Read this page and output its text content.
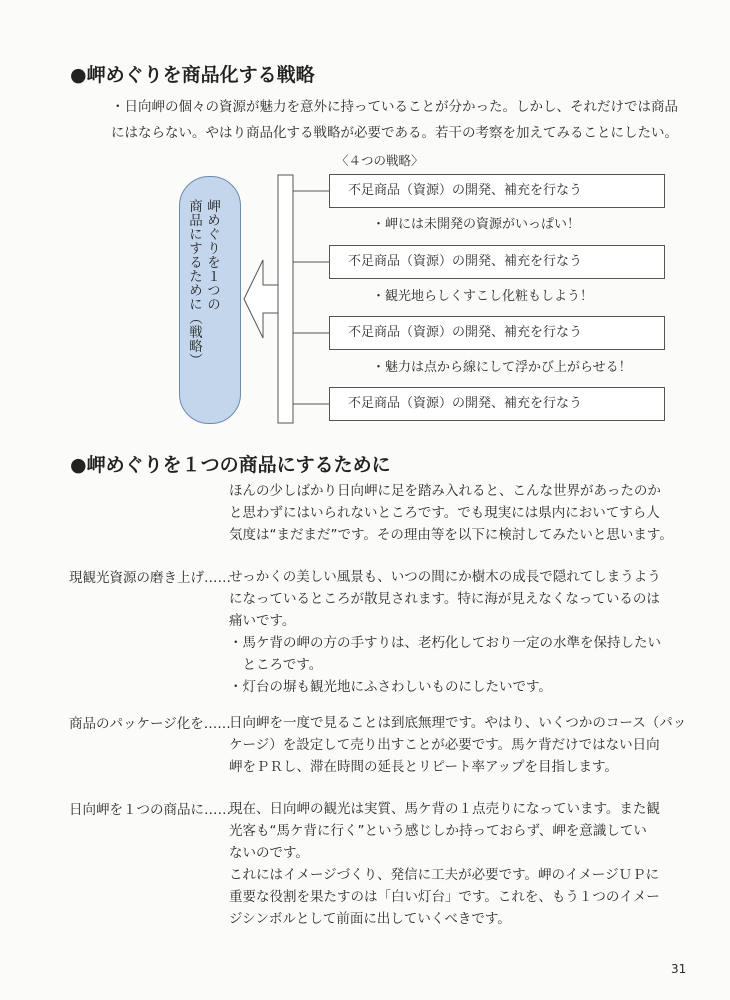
●岬めぐりを商品化する戦略
・日向岬の個々の資源が魅力を意外に持っていることが分かった。しかし、それだけでは商品
にはならない。やはり商品化する戦略が必要である。若干の考察を加えてみることにしたい。
〈４つの戦略〉
岬めぐりを１つの
商品にするために（戦略）
不足商品（資源）の開発、補充を行なう
・岬には未開発の資源がいっぱい！
不足商品（資源）の開発、補充を行なう
・観光地らしくすこし化粧もしよう！
不足商品（資源）の開発、補充を行なう
・魅力は点から線にして浮かび上がらせる！
不足商品（資源）の開発、補充を行なう
●岬めぐりを１つの商品にするために
ほんの少しばかり日向岬に足を踏み入れると、こんな世界があったのか
と思わずにはいられないところです。でも現実には県内においてすら人
気度は“まだまだ”です。その理由等を以下に検討してみたいと思います。
現観光資源の磨き上げ……
せっかくの美しい風景も、いつの間にか樹木の成長で隠れてしまうよう
になっているところが散見されます。特に海が見えなくなっているのは
痛いです。
・馬ケ背の岬の方の手すりは、老朽化しており一定の水準を保持したい
　ところです。
・灯台の塀も観光地にふさわしいものにしたいです。
商品のパッケージ化を……
日向岬を一度で見ることは到底無理です。やはり、いくつかのコース（パッ
ケージ）を設定して売り出すことが必要です。馬ケ背だけではない日向
岬をＰＲし、滞在時間の延長とリピート率アップを目指します。
日向岬を１つの商品に……
現在、日向岬の観光は実質、馬ケ背の１点売りになっています。また観
光客も“馬ケ背に行く”という感じしか持っておらず、岬を意識してい
ないのです。
これにはイメージづくり、発信に工夫が必要です。岬のイメージＵＰに
重要な役割を果たすのは「白い灯台」です。これを、もう１つのイメー
ジシンボルとして前面に出していくべきです。
31
